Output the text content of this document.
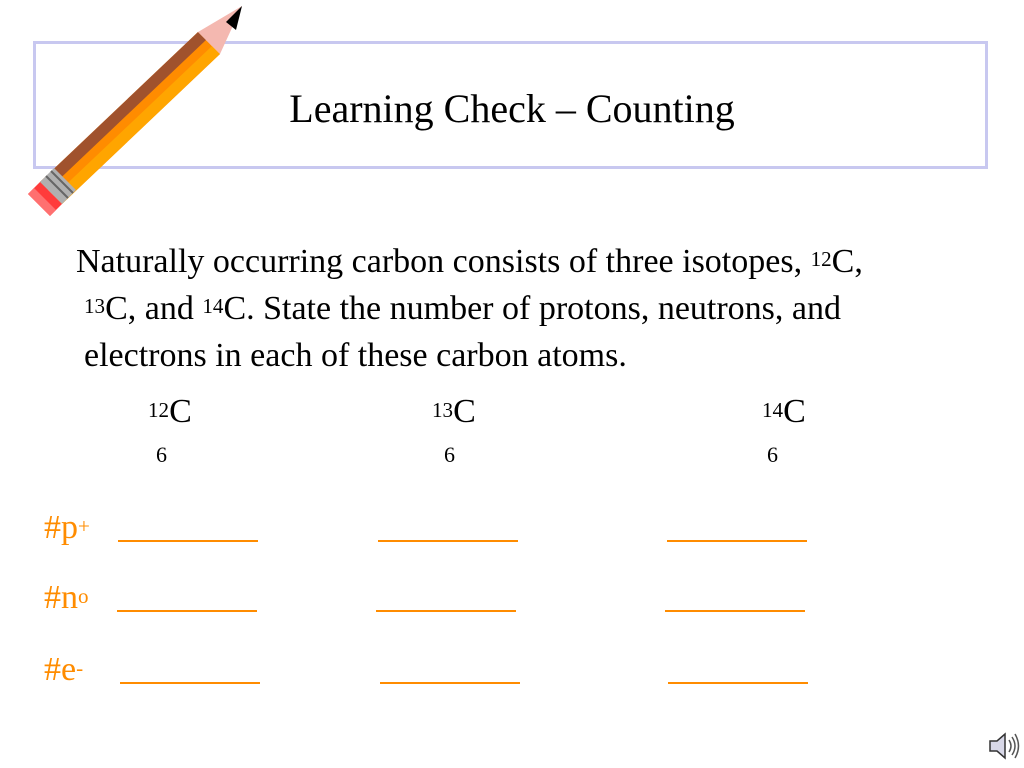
Learning Check – Counting
Naturally occurring carbon consists of three isotopes, $^{12}$C,
$^{13}$C, and $^{14}$C. State the number of protons, neutrons, and
electrons in each of these carbon atoms.
$^{12}$C
6
$^{13}$C
6
$^{14}$C
6
#p+
$\#n^o$
#e-
